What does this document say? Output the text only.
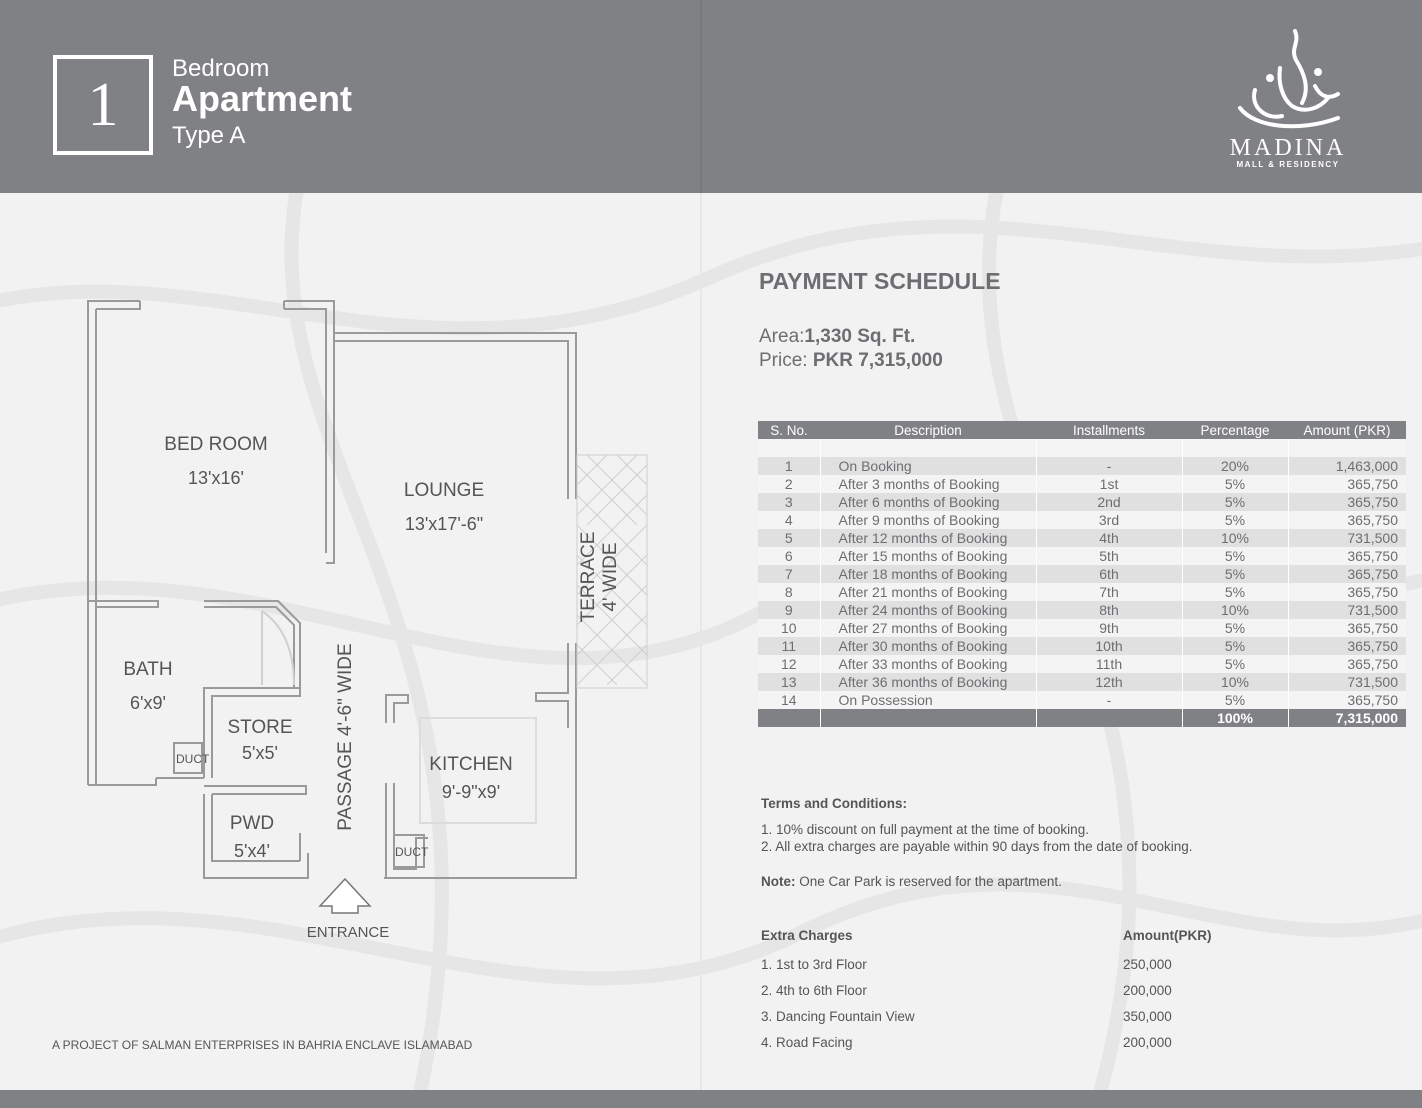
1
Bedroom
Apartment
Type A	MADINA
MALL & RESIDENCY
BED ROOM
13'x16'
LOUNGE
13'x17'-6"
TERRACE
4' WIDE
BATH
6'x9'
STORE
5'x5'	PASSAGE 4'-6" WIDE	KITCHEN
9'-9"x9'
PWD
5'x4'
DUCT
DUCT
ENTRANCE
A PROJECT OF SALMAN ENTERPRISES IN BAHRIA ENCLAVE ISLAMABAD
PAYMENT SCHEDULE
Area:1,330 Sq. Ft.
Price: PKR 7,315,000
S. No.	Description	Installments	Percentage	Amount (PKR)

1	On Booking	-	20%	1,463,000
2	After 3 months of Booking	1st	5%	365,750
3	After 6 months of Booking	2nd	5%	365,750
4	After 9 months of Booking	3rd	5%	365,750
5	After 12 months of Booking	4th	10%	731,500
6	After 15 months of Booking	5th	5%	365,750
7	After 18 months of Booking	6th	5%	365,750
8	After 21 months of Booking	7th	5%	365,750
9	After 24 months of Booking	8th	10%	731,500
10	After 27 months of Booking	9th	5%	365,750
11	After 30 months of Booking	10th	5%	365,750
12	After 33 months of Booking	11th	5%	365,750
13	After 36 months of Booking	12th	10%	731,500
14	On Possession	-	5%	365,750
			100%	7,315,000
Terms and Conditions:
1. 10% discount on full payment at the time of booking.
2. All extra charges are payable within 90 days from the date of booking.
Note: One Car Park is reserved for the apartment.
Extra Charges	Amount(PKR)
1. 1st to 3rd Floor	250,000
2. 4th to 6th Floor	200,000
3. Dancing Fountain View	350,000
4. Road Facing	200,000
